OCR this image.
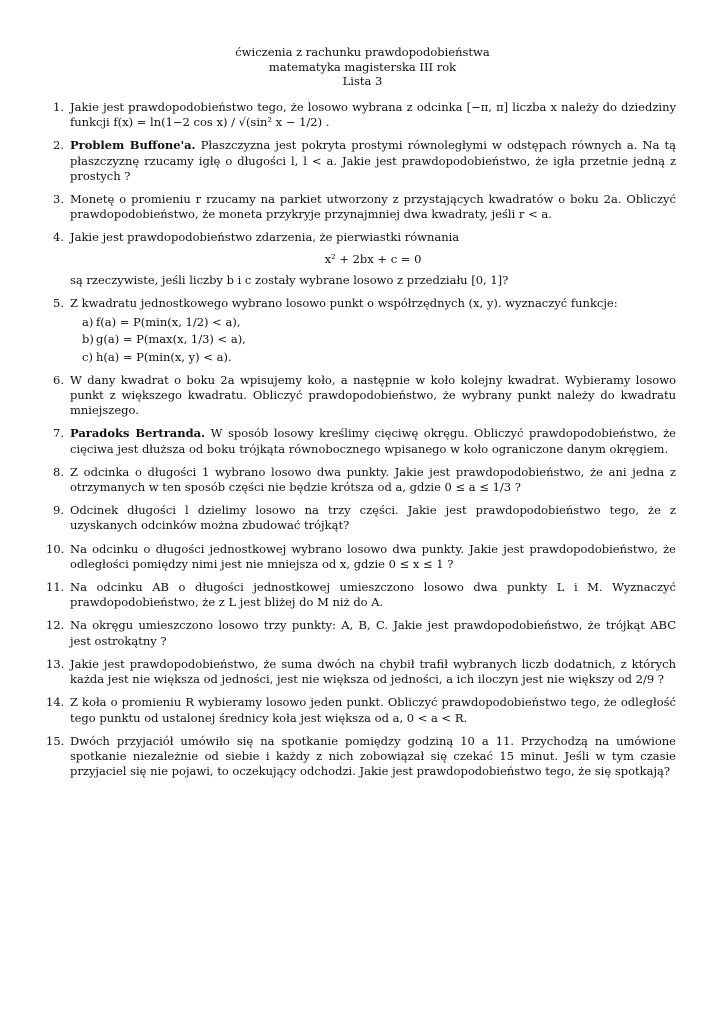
ćwiczenia z rachunku prawdopodobieństwa
matematyka magisterska III rok
Lista 3
1. Jakie jest prawdopodobieństwo tego, że losowo wybrana z odcinka [−π, π] liczba x należy do dziedziny funkcji f(x) = ln(1−2 cos x) / √(sin² x − 1/2) .
2. Problem Buffone'a. Płaszczyzna jest pokryta prostymi równoległymi w odstępach równych a. Na tą płaszczyznę rzucamy igłę o długości l, l < a. Jakie jest prawdopodobieństwo, że igła przetnie jedną z prostych ?
3. Monetę o promieniu r rzucamy na parkiet utworzony z przystających kwadratów o boku 2a. Obliczyć prawdopodobieństwo, że moneta przykryje przynajmniej dwa kwadraty, jeśli r < a.
4. Jakie jest prawdopodobieństwo zdarzenia, że pierwiastki równania
x² + 2bx + c = 0
są rzeczywiste, jeśli liczby b i c zostały wybrane losowo z przedziału [0, 1]?
5. Z kwadratu jednostkowego wybrano losowo punkt o współrzędnych (x, y). wyznaczyć funkcje:
a) f(a) = P(min(x, 1/2) < a),
b) g(a) = P(max(x, 1/3) < a),
c) h(a) = P(min(x, y) < a).
6. W dany kwadrat o boku 2a wpisujemy koło, a następnie w koło kolejny kwadrat. Wybieramy losowo punkt z większego kwadratu. Obliczyć prawdopodobieństwo, że wybrany punkt należy do kwadratu mniejszego.
7. Paradoks Bertranda. W sposób losowy kreślimy cięciwę okręgu. Obliczyć prawdopodobieństwo, że cięciwa jest dłuższa od boku trójkąta równobocznego wpisanego w koło ograniczone danym okręgiem.
8. Z odcinka o długości 1 wybrano losowo dwa punkty. Jakie jest prawdopodobieństwo, że ani jedna z otrzymanych w ten sposób części nie będzie krótsza od a, gdzie 0 ≤ a ≤ 1/3 ?
9. Odcinek długości l dzielimy losowo na trzy części. Jakie jest prawdopodobieństwo tego, że z uzyskanych odcinków można zbudować trójkąt?
10. Na odcinku o długości jednostkowej wybrano losowo dwa punkty. Jakie jest prawdopodobieństwo, że odległości pomiędzy nimi jest nie mniejsza od x, gdzie 0 ≤ x ≤ 1 ?
11. Na odcinku AB o długości jednostkowej umieszczono losowo dwa punkty L i M. Wyznaczyć prawdopodobieństwo, że z L jest bliżej do M niż do A.
12. Na okręgu umieszczono losowo trzy punkty: A, B, C. Jakie jest prawdopodobieństwo, że trójkąt ABC jest ostrokątny ?
13. Jakie jest prawdopodobieństwo, że suma dwóch na chybił trafił wybranych liczb dodatnich, z których każda jest nie większa od jedności, jest nie większa od jedności, a ich iloczyn jest nie większy od 2/9 ?
14. Z koła o promieniu R wybieramy losowo jeden punkt. Obliczyć prawdopodobieństwo tego, że odległość tego punktu od ustalonej średnicy koła jest większa od a, 0 < a < R.
15. Dwóch przyjaciół umówiło się na spotkanie pomiędzy godziną 10 a 11. Przychodzą na umówione spotkanie niezależnie od siebie i każdy z nich zobowiązał się czekać 15 minut. Jeśli w tym czasie przyjaciel się nie pojawi, to oczekujący odchodzi. Jakie jest prawdopodobieństwo tego, że się spotkają?
